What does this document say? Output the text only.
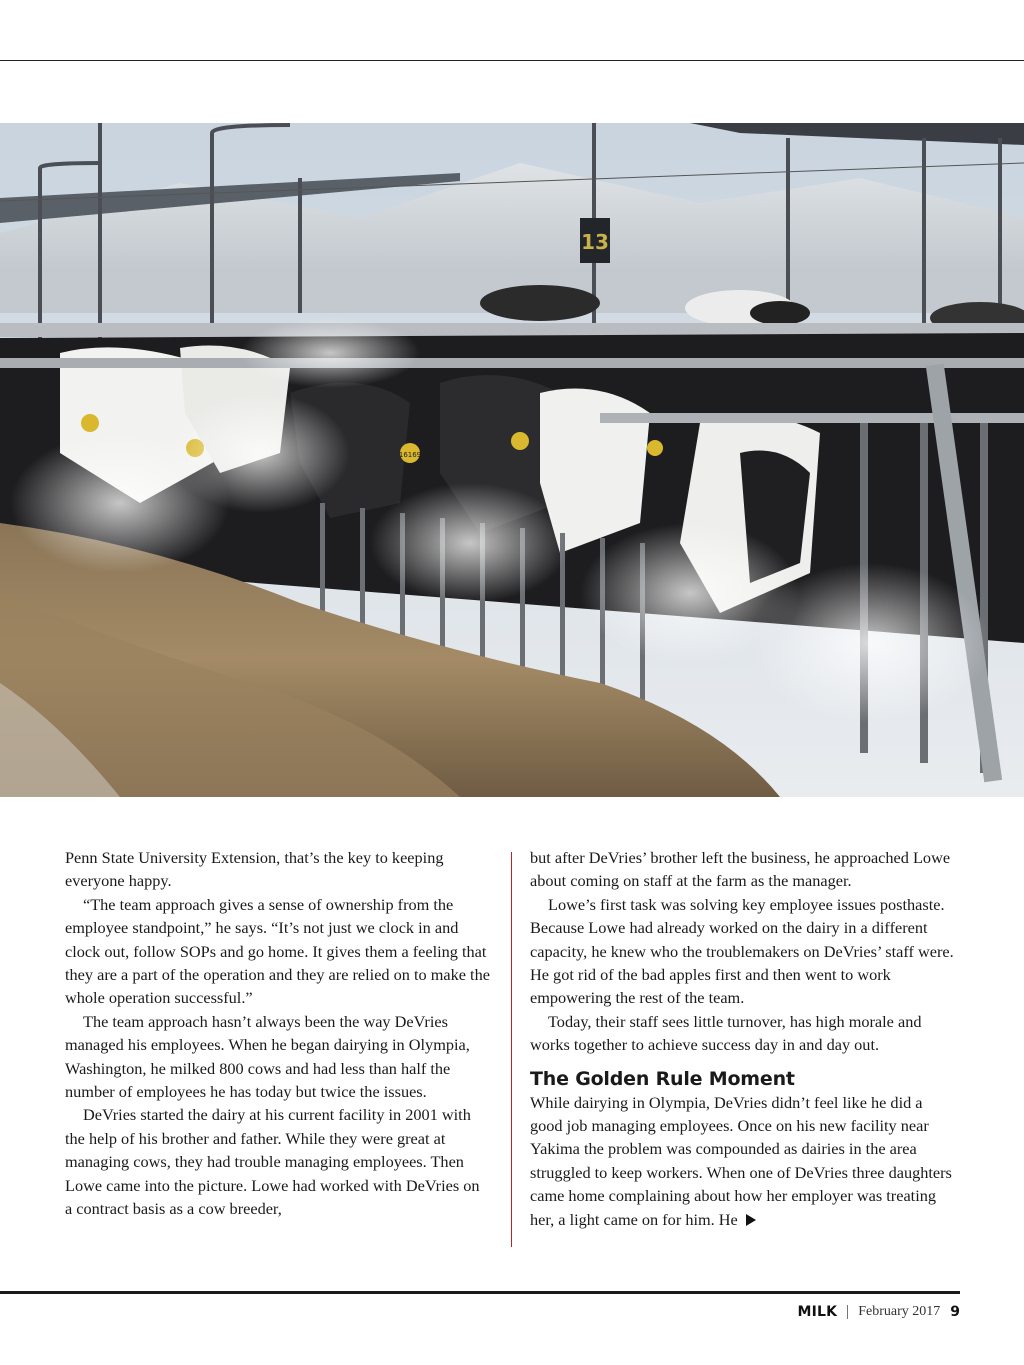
13
16169

Penn State University Extension, that’s the key to keeping everyone happy.

“The team approach gives a sense of ownership from the employee standpoint,” he says. “It’s not just we clock in and clock out, follow SOPs and go home. It gives them a feeling that they are a part of the operation and they are relied on to make the whole operation successful.”

The team approach hasn’t always been the way DeVries managed his employees. When he began dairying in Olympia, Washington, he milked 800 cows and had less than half the number of employees he has today but twice the issues.

DeVries started the dairy at his current facility in 2001 with the help of his brother and father. While they were great at managing cows, they had trouble managing employees. Then Lowe came into the picture. Lowe had worked with DeVries on a contract basis as a cow breeder,

but after DeVries’ brother left the business, he approached Lowe about coming on staff at the farm as the manager.

Lowe’s first task was solving key employee issues posthaste. Because Lowe had already worked on the dairy in a different capacity, he knew who the troublemakers on DeVries’ staff were. He got rid of the bad apples first and then went to work empowering the rest of the team.

Today, their staff sees little turnover, has high morale and works together to achieve success day in and day out.

The Golden Rule Moment

While dairying in Olympia, DeVries didn’t feel like he did a good job managing employees. Once on his new facility near Yakima the problem was compounded as dairies in the area struggled to keep workers. When one of DeVries three daughters came home complaining about how her employer was treating her, a light came on for him. He

MILK February 2017 9
